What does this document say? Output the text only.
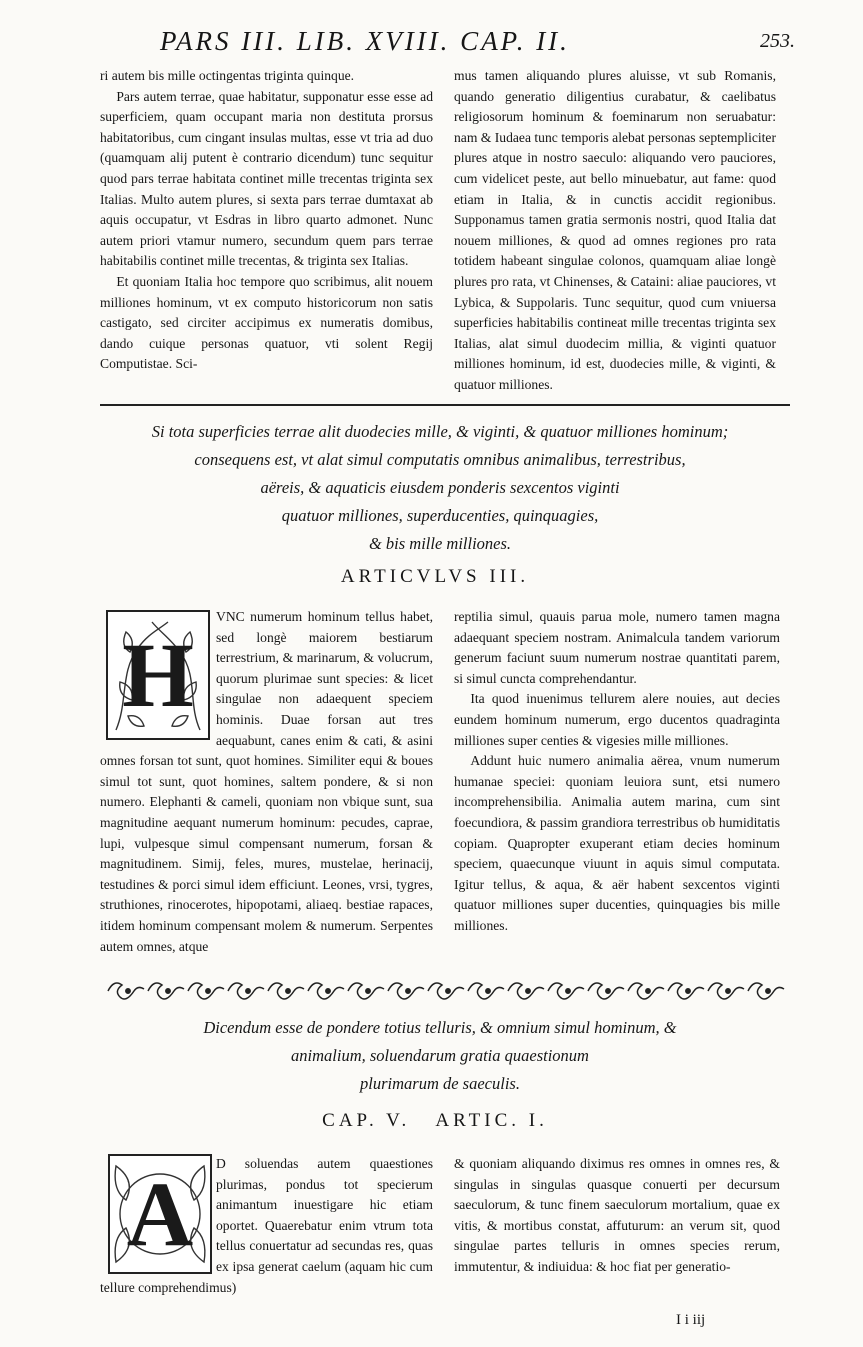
PARS III. LIB. XVIII. CAP. II.	253.

ri autem bis mille octingentas triginta quinque.

Pars autem terrae, quae habitatur, supponatur esse esse ad superficiem, quam occupant maria non destituta prorsus habitatoribus, cum cingant insulas multas, esse vt tria ad duo (quamquam alij putent è contrario dicendum) tunc sequitur quod pars terrae habitata continet mille trecentas triginta sex Italias. Multo autem plures, si sexta pars terrae dumtaxat ab aquis occupatur, vt Esdras in libro quarto admonet. Nunc autem priori vtamur numero, secundum quem pars terrae habitabilis continet mille trecentas, & triginta sex Italias.

Et quoniam Italia hoc tempore quo scribimus, alit nouem milliones hominum, vt ex computo historicorum non satis castigato, sed circiter accipimus ex numeratis domibus, dando cuique personas quatuor, vti solent Regij Computistae. Sci-

mus tamen aliquando plures aluisse, vt sub Romanis, quando generatio diligentius curabatur, & caelibatus religiosorum hominum & foeminarum non seruabatur: nam & Iudaea tunc temporis alebat personas septempliciter plures atque in nostro saeculo: aliquando vero pauciores, cum videlicet peste, aut bello minuebatur, aut fame: quod etiam in Italia, & in cunctis accidit regionibus. Supponamus tamen gratia sermonis nostri, quod Italia dat nouem milliones, & quod ad omnes regiones pro rata totidem habeant singulae colonos, quamquam aliae longè plures pro rata, vt Chinenses, & Cataini: aliae pauciores, vt Lybica, & Suppolaris. Tunc sequitur, quod cum vniuersa superficies habitabilis contineat mille trecentas triginta sex Italias, alat simul duodecim millia, & viginti quatuor milliones hominum, id est, duodecies mille, & viginti, & quatuor milliones.

Si tota superficies terrae alit duodecies mille, & viginti, & quatuor milliones hominum;
consequens est, vt alat simul computatis omnibus animalibus, terrestribus,
aëreis, & aquaticis eiusdem ponderis sexcentos viginti
quatuor milliones, superducenties, quinquagies,
& bis mille milliones.
ARTICVLVS III.
H

VNC numerum hominum tellus habet, sed longè maiorem bestiarum terrestrium, & marinarum, & volucrum, quorum plurimae sunt species: & licet singulae non adaequent speciem hominis. Duae forsan aut tres aequabunt, canes enim & cati, & asini omnes forsan tot sunt, quot homines. Similiter equi & boues simul tot sunt, quot homines, saltem pondere, & si non numero. Elephanti & cameli, quoniam non vbique sunt, sua magnitudine aequant numerum hominum: pecudes, caprae, lupi, vulpesque simul compensant numerum, forsan & magnitudinem. Simij, feles, mures, mustelae, herinacij, testudines & porci simul idem efficiunt. Leones, vrsi, tygres, struthiones, rinocerotes, hipopotami, aliaeq. bestiae rapaces, itidem hominum compensant molem & numerum. Serpentes autem omnes, atque

reptilia simul, quauis parua mole, numero tamen magna adaequant speciem nostram. Animalcula tandem variorum generum faciunt suum numerum nostrae quantitati parem, si simul cuncta comprehendantur.

Ita quod inuenimus tellurem alere nouies, aut decies eundem hominum numerum, ergo ducentos quadraginta milliones super centies & vigesies mille milliones.

Addunt huic numero animalia aërea, vnum numerum humanae speciei: quoniam leuiora sunt, etsi numero incomprehensibilia. Animalia autem marina, cum sint foecundiora, & passim grandiora terrestribus ob humiditatis copiam. Quapropter exuperant etiam decies hominum speciem, quaecunque viuunt in aquis simul computata. Igitur tellus, & aqua, & aër habent sexcentos viginti quatuor milliones super ducenties, quinquagies bis mille milliones.

Dicendum esse de pondere totius telluris, & omnium simul hominum, &
animalium, soluendarum gratia quaestionum
plurimarum de saeculis.
CAP. V.   ARTIC. I.
A	D soluendas autem quaestiones plurimas, pondus tot specierum animantum inuestigare hic etiam oportet. Quaerebatur enim vtrum tota tellus conuertatur ad secundas res, quas ex ipsa generat caelum (aquam hic cum tellure comprehendimus)

& quoniam aliquando diximus res omnes in omnes res, & singulas in singulas quasque conuerti per decursum saeculorum, & tunc finem saeculorum mortalium, quae ex vitis, & mortibus constat, affuturum: an verum sit, quod singulae partes telluris in omnes species rerum, immutentur, & indiuidua: & hoc fiat per generatio-

I i iij
